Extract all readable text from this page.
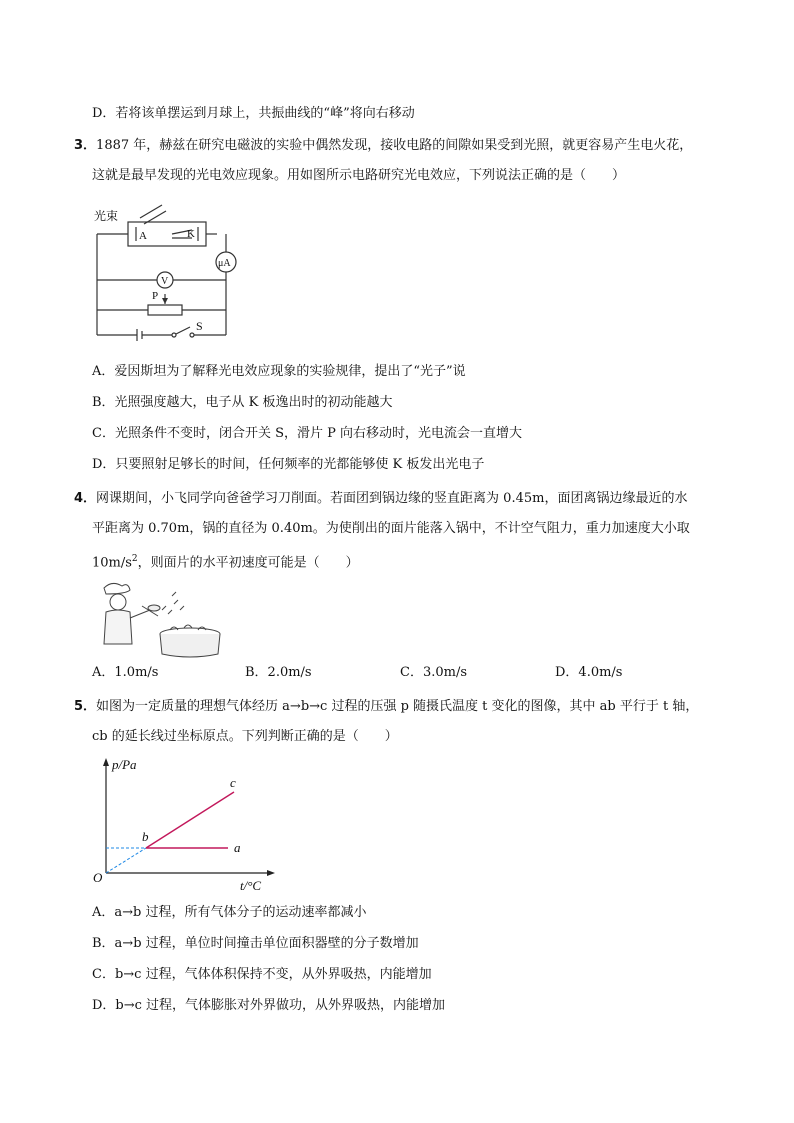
D．若将该单摆运到月球上，共振曲线的“峰”将向右移动
3．1887 年，赫兹在研究电磁波的实验中偶然发现，接收电路的间隙如果受到光照，就更容易产生电火花，
这就是最早发现的光电效应现象。用如图所示电路研究光电效应，下列说法正确的是（　　）
光束
A	K
μA
V
P
S
A．爱因斯坦为了解释光电效应现象的实验规律，提出了“光子”说
B．光照强度越大，电子从 K 板逸出时的初动能越大
C．光照条件不变时，闭合开关 S，滑片 P 向右移动时，光电流会一直增大
D．只要照射足够长的时间，任何频率的光都能够使 K 板发出光电子
4．网课期间，小飞同学向爸爸学习刀削面。若面团到锅边缘的竖直距离为 0.45m，面团离锅边缘最近的水
平距离为 0.70m，锅的直径为 0.40m。为使削出的面片能落入锅中，不计空气阻力，重力加速度大小取
$10m/s^2$，则面片的水平初速度可能是（　　）
A．1.0m/s	B．2.0m/s	C．3.0m/s	D．4.0m/s
5．如图为一定质量的理想气体经历 a→b→c 过程的压强 p 随摄氏温度 t 变化的图像，其中 ab 平行于 t 轴，
cb 的延长线过坐标原点。下列判断正确的是（　　）
p/Pa
t/°C
O
a
b
c
A．a→b 过程，所有气体分子的运动速率都减小
B．a→b 过程，单位时间撞击单位面积器壁的分子数增加
C．b→c 过程，气体体积保持不变，从外界吸热，内能增加
D．b→c 过程，气体膨胀对外界做功，从外界吸热，内能增加
